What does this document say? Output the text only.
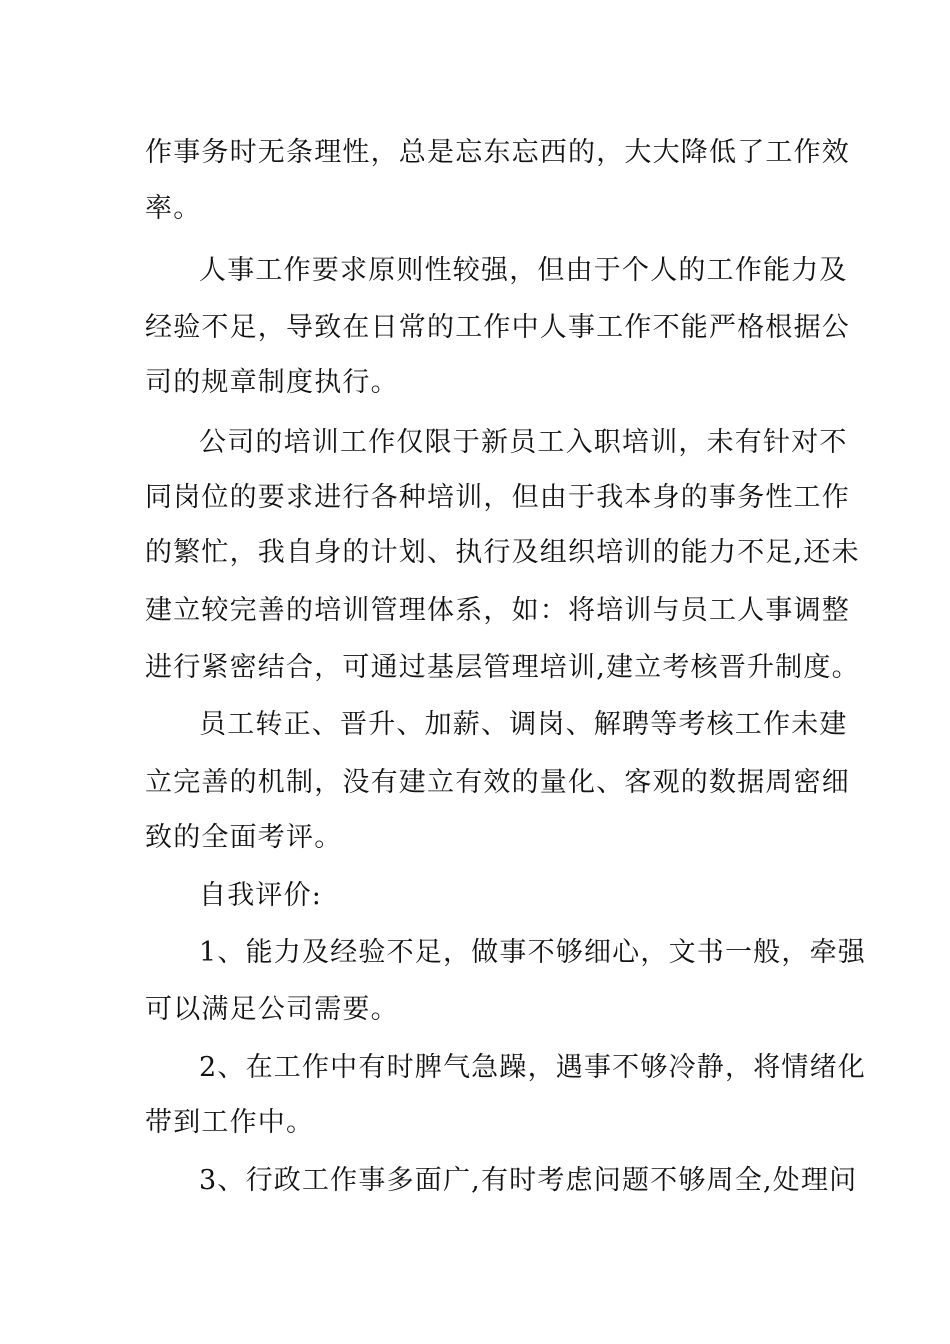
作事务时无条理性，总是忘东忘西的，大大降低了工作效
率。
人事工作要求原则性较强，但由于个人的工作能力及
经验不足，导致在日常的工作中人事工作不能严格根据公
司的规章制度执行。
公司的培训工作仅限于新员工入职培训，未有针对不
同岗位的要求进行各种培训，但由于我本身的事务性工作
的繁忙，我自身的计划、执行及组织培训的能力不足,还未
建立较完善的培训管理体系，如：将培训与员工人事调整
进行紧密结合，可通过基层管理培训,建立考核晋升制度。
员工转正、晋升、加薪、调岗、解聘等考核工作未建
立完善的机制，没有建立有效的量化、客观的数据周密细
致的全面考评。
自我评价:
1、能力及经验不足，做事不够细心，文书一般，牵强
可以满足公司需要。
2、在工作中有时脾气急躁，遇事不够冷静，将情绪化
带到工作中。
3、行政工作事多面广,有时考虑问题不够周全,处理问
